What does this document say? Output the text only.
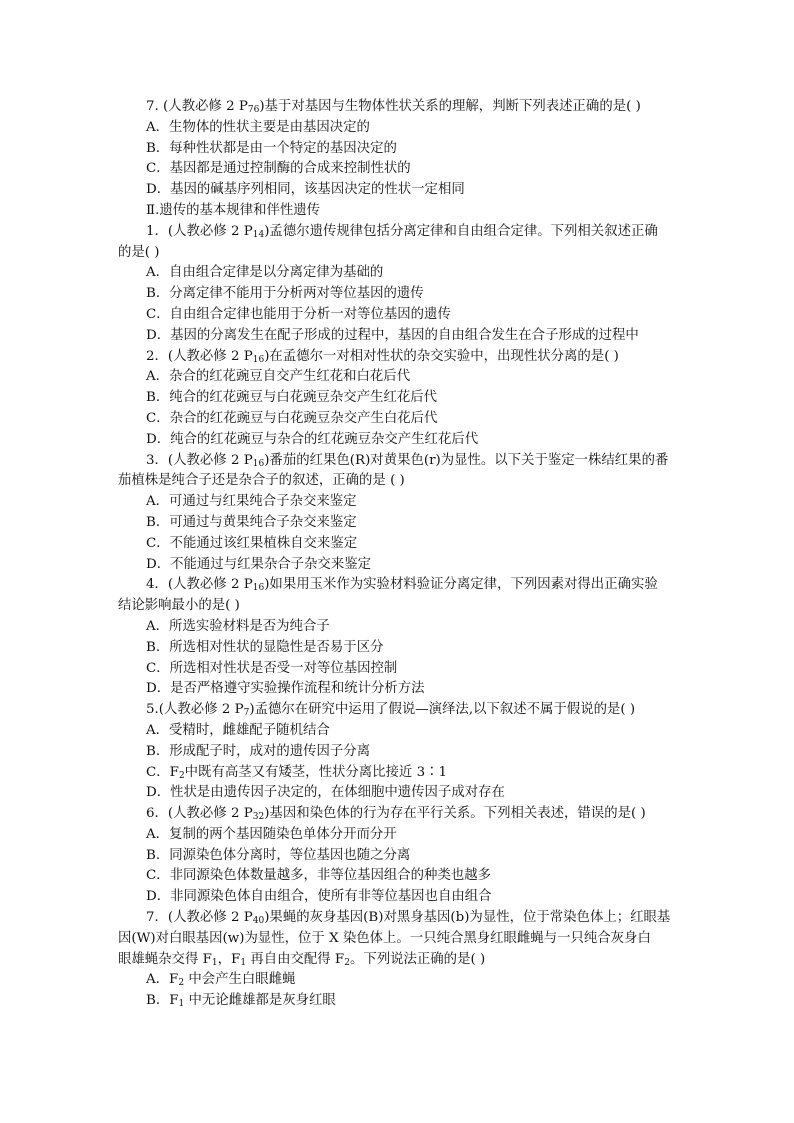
7. (人教必修 2 $P_{76}$)基于对基因与生物体性状关系的理解，判断下列表述正确的是( )
A．生物体的性状主要是由基因决定的
B．每种性状都是由一个特定的基因决定的
C．基因都是通过控制酶的合成来控制性状的
D．基因的碱基序列相同，该基因决定的性状一定相同
Ⅱ.遗传的基本规律和伴性遗传
1．(人教必修 2 $P_{14}$)孟德尔遗传规律包括分离定律和自由组合定律。下列相关叙述正确
的是( )
A．自由组合定律是以分离定律为基础的
B．分离定律不能用于分析两对等位基因的遗传
C．自由组合定律也能用于分析一对等位基因的遗传
D．基因的分离发生在配子形成的过程中，基因的自由组合发生在合子形成的过程中
2．(人教必修 2 $P_{16}$)在孟德尔一对相对性状的杂交实验中，出现性状分离的是( )
A．杂合的红花豌豆自交产生红花和白花后代
B．纯合的红花豌豆与白花豌豆杂交产生红花后代
C．杂合的红花豌豆与白花豌豆杂交产生白花后代
D．纯合的红花豌豆与杂合的红花豌豆杂交产生红花后代
3．(人教必修 2 $P_{16}$)番茄的红果色(R)对黄果色(r)为显性。以下关于鉴定一株结红果的番
茄植株是纯合子还是杂合子的叙述，正确的是 ( )
A．可通过与红果纯合子杂交来鉴定
B．可通过与黄果纯合子杂交来鉴定
C．不能通过该红果植株自交来鉴定
D．不能通过与红果杂合子杂交来鉴定
4．(人教必修 2 $P_{16}$)如果用玉米作为实验材料验证分离定律，下列因素对得出正确实验
结论影响最小的是( )
A．所选实验材料是否为纯合子
B．所选相对性状的显隐性是否易于区分
C．所选相对性状是否受一对等位基因控制
D．是否严格遵守实验操作流程和统计分析方法
5.(人教必修 2 $P_7$)孟德尔在研究中运用了假说—演绎法,以下叙述不属于假说的是( )
A．受精时，雌雄配子随机结合
B．形成配子时，成对的遗传因子分离
C．$F_2$中既有高茎又有矮茎，性状分离比接近 3∶1
D．性状是由遗传因子决定的，在体细胞中遗传因子成对存在
6．(人教必修 2 $P_{32}$)基因和染色体的行为存在平行关系。下列相关表述，错误的是( )
A．复制的两个基因随染色单体分开而分开
B．同源染色体分离时，等位基因也随之分离
C．非同源染色体数量越多，非等位基因组合的种类也越多
D．非同源染色体自由组合，使所有非等位基因也自由组合
7．(人教必修 2 $P_{40}$)果蝇的灰身基因(B)对黑身基因(b)为显性，位于常染色体上；红眼基
因(W)对白眼基因(w)为显性，位于 X 染色体上。一只纯合黑身红眼雌蝇与一只纯合灰身白
眼雄蝇杂交得 $F_1$，$F_1$ 再自由交配得 $F_2$。下列说法正确的是( )
A．$F_2$ 中会产生白眼雌蝇
B．$F_1$ 中无论雌雄都是灰身红眼
